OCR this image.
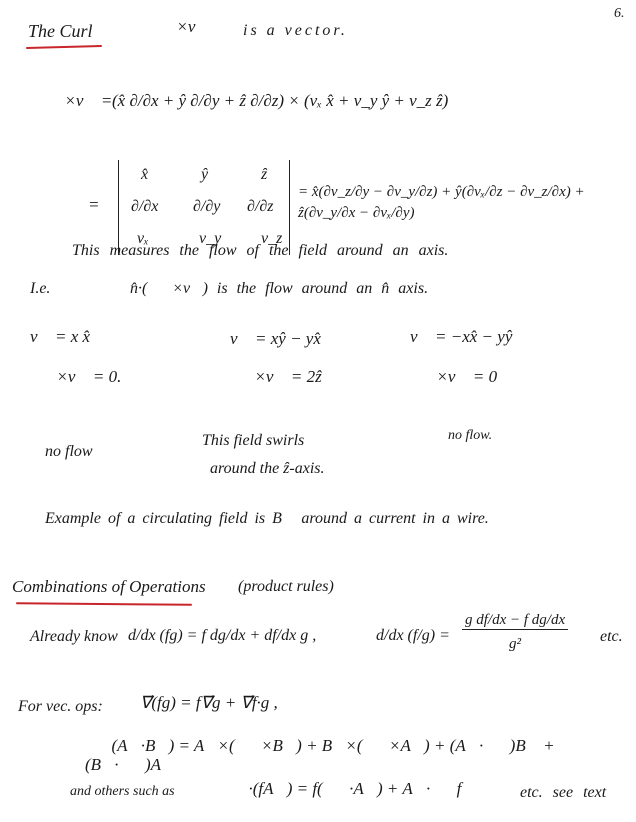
6.
The Curl	∇⃗×v⃗ is a vector.
∇⃗×v⃗ = (x̂ ∂/∂x + ŷ ∂/∂y + ẑ ∂/∂z) × (vₓ x̂ + v_y ŷ + v_z ẑ)
=
x̂	ŷ	ẑ
∂/∂x ∂/∂y ∂/∂z
vₓ	v_y v_z
= x̂(∂v_z/∂y − ∂v_y/∂z) + ŷ(∂vₓ/∂z − ∂v_z/∂x) + ẑ(∂v_y/∂x − ∂vₓ/∂y)
This measures the flow of the field around an axis.
I.e.	n̂·(∇⃗×v⃗) is the flow around an n̂ axis.
v⃗ = x x̂
∇⃗×v⃗ = 0.
no flow
v⃗ = xŷ − yx̂
∇⃗×v⃗ = 2ẑ
This field swirls
around the ẑ-axis.
v⃗ = −xx̂ − yŷ
∇⃗×v⃗ = 0
no flow.
Example of a circulating field is B⃗ around a current in a wire.
Combinations of Operations (product rules)
Already know d/dx (fg) = f dg/dx + df/dx g ,	d/dx $(f/g) = \frac{\text{g df/dx − f dg/dx}}{\text{g²}}$ etc.
For vec. ops: ∇⃗(fg) = f∇⃗g + ∇⃗f·g ,
∇⃗(A⃗·B⃗) = A⃗×(∇⃗×B⃗) + B⃗×(∇⃗×A⃗) + (A⃗·∇⃗)B⃗ + (B⃗·∇⃗)A⃗
and others such as	∇⃗·(fA⃗) = f(∇⃗·A⃗) + A⃗·∇⃗f	etc. see text
